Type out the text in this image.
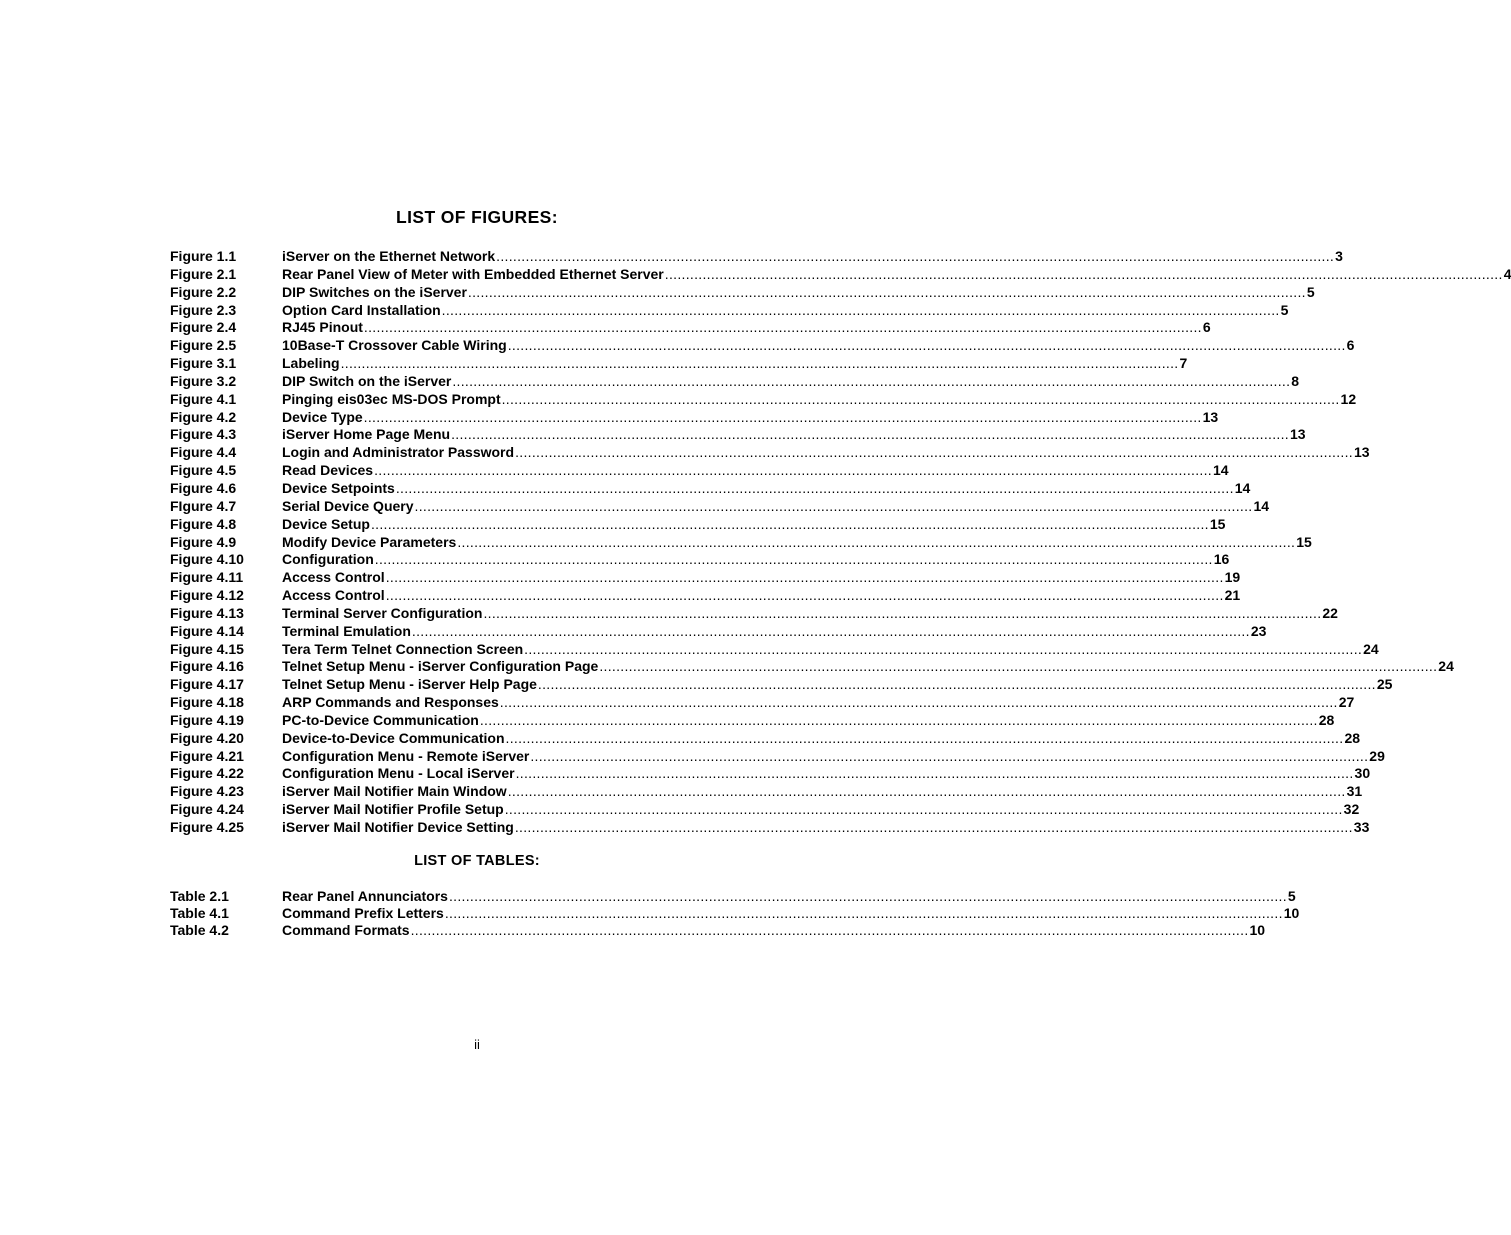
LIST OF FIGURES:
Figure 1.1	iServer on the Ethernet Network ........................................................................................................................................................................................................ 3
Figure 2.1	Rear Panel View of Meter with Embedded Ethernet Server ........................................................................................................................................................................................................ 4
Figure 2.2	DIP Switches on the iServer ........................................................................................................................................................................................................ 5
Figure 2.3	Option Card Installation ........................................................................................................................................................................................................ 5
Figure 2.4	RJ45 Pinout ........................................................................................................................................................................................................ 6
Figure 2.5	10Base-T Crossover Cable Wiring ........................................................................................................................................................................................................ 6
Figure 3.1	Labeling ........................................................................................................................................................................................................ 7
Figure 3.2	DIP Switch on the iServer ........................................................................................................................................................................................................ 8
Figure 4.1	Pinging eis03ec MS-DOS Prompt ........................................................................................................................................................................................................ 12
Figure 4.2	Device Type ........................................................................................................................................................................................................ 13
Figure 4.3	iServer Home Page Menu ........................................................................................................................................................................................................ 13
Figure 4.4	Login and Administrator Password ........................................................................................................................................................................................................ 13
Figure 4.5	Read Devices ........................................................................................................................................................................................................ 14
Figure 4.6	Device Setpoints ........................................................................................................................................................................................................ 14
FIgure 4.7	Serial Device Query ........................................................................................................................................................................................................ 14
Figure 4.8	Device Setup ........................................................................................................................................................................................................ 15
Figure 4.9	Modify Device Parameters ........................................................................................................................................................................................................ 15
Figure 4.10	Configuration ........................................................................................................................................................................................................ 16
Figure 4.11	Access Control ........................................................................................................................................................................................................ 19
Figure 4.12	Access Control ........................................................................................................................................................................................................ 21
Figure 4.13	Terminal Server Configuration ........................................................................................................................................................................................................ 22
Figure 4.14	Terminal Emulation ........................................................................................................................................................................................................ 23
Figure 4.15	Tera Term Telnet Connection Screen ........................................................................................................................................................................................................ 24
Figure 4.16	Telnet Setup Menu - iServer Configuration Page ........................................................................................................................................................................................................ 24
Figure 4.17	Telnet Setup Menu - iServer Help Page ........................................................................................................................................................................................................ 25
Figure 4.18	ARP Commands and Responses ........................................................................................................................................................................................................ 27
Figure 4.19	PC-to-Device Communication ........................................................................................................................................................................................................ 28
Figure 4.20	Device-to-Device Communication ........................................................................................................................................................................................................ 28
Figure 4.21	Configuration Menu - Remote iServer ........................................................................................................................................................................................................ 29
Figure 4.22	Configuration Menu - Local iServer ........................................................................................................................................................................................................ 30
Figure 4.23	iServer Mail Notifier Main Window ........................................................................................................................................................................................................ 31
Figure 4.24	iServer Mail Notifier Profile Setup ........................................................................................................................................................................................................ 32
Figure 4.25	iServer Mail Notifier Device Setting ........................................................................................................................................................................................................ 33
LIST OF TABLES:
Table 2.1	Rear Panel Annunciators ........................................................................................................................................................................................................ 5
Table 4.1	Command Prefix Letters ........................................................................................................................................................................................................ 10
Table 4.2	Command Formats ........................................................................................................................................................................................................ 10
ii
